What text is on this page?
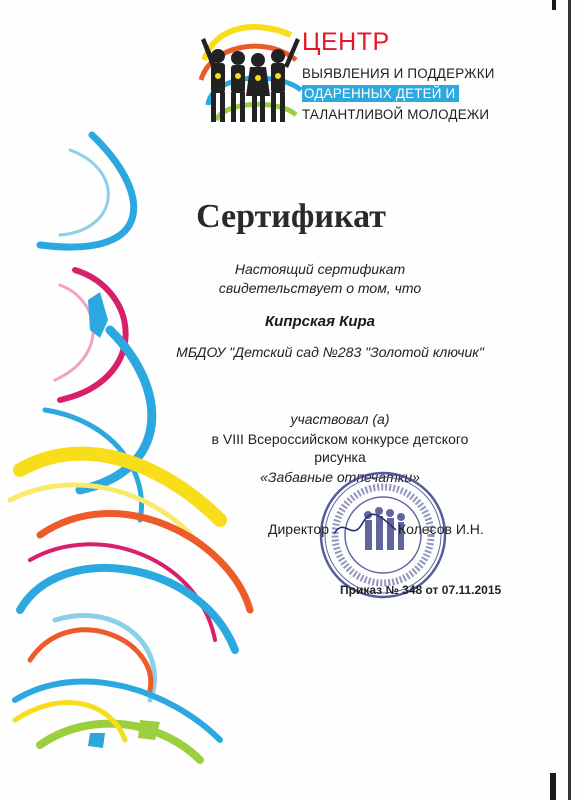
ЦЕНТР
ВЫЯВЛЕНИЯ И ПОДДЕРЖКИ
ОДАРЕННЫХ ДЕТЕЙ И
ТАЛАНТЛИВОЙ МОЛОДЕЖИ
Сертификат

Настоящий сертификат

свидетельствует о том, что

Кипрская Кира

МБДОУ "Детский сад №283 "Золотой ключик"

участвовал (а)

в VIII Всероссийском конкурсе детского

рисунка

«Забавные отпечатки»

Директор	Колесов И.Н.
Приказ № 348 от 07.11.2015
